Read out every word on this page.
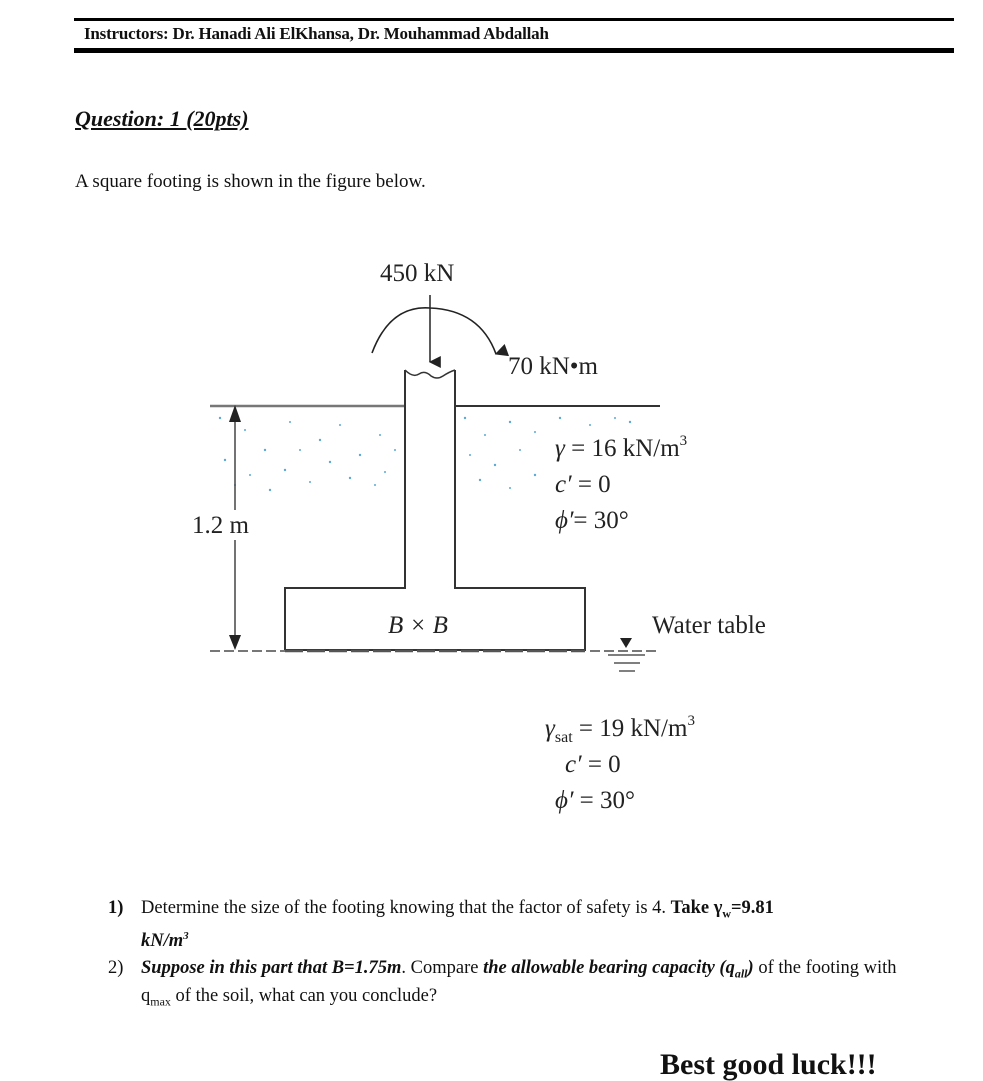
Instructors: Dr. Hanadi Ali ElKhansa, Dr. Mouhammad Abdallah
Question: 1 (20pts)
A square footing is shown in the figure below.
450 kN
70 kN•m
1.2 m
B × B	Water table
γ = 16 $kN/m^3$
c′ = 0
ϕ′= 30°
$\gamma_{sat} = 19$ $kN/m^3$
c′ = 0
ϕ′ = 30°
1) Determine the size of the footing knowing that the factor of safety is 4. Take $\gamma_w=9.81$
$kN/m^3$
2) Suppose in this part that B=1.75m. Compare the allowable bearing capacity $(q_{all})$ of the footing with $q_{max}$ of the soil, what can you conclude?
Best good luck!!!
